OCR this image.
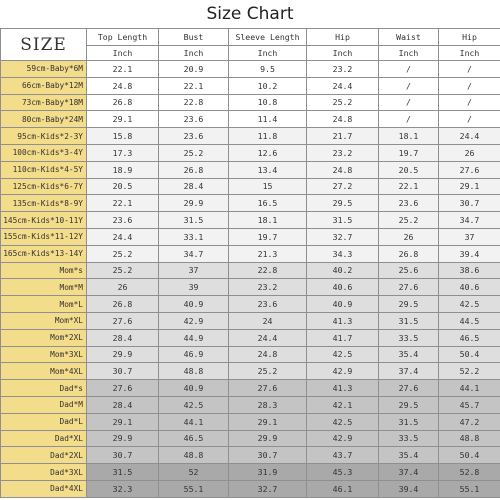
Size Chart
SIZE	Top Length	Bust	Sleeve Length	Hip	Waist	Hip
	Inch	Inch	Inch	Inch	Inch	Inch
59cm-Baby*6M	22.1	20.9	9.5	23.2	/	/
66cm-Baby*12M	24.8	22.1	10.2	24.4	/	/
73cm-Baby*18M	26.8	22.8	10.8	25.2	/	/
80cm-Baby*24M	29.1	23.6	11.4	24.8	/	/
95cm-Kids*2-3Y	15.8	23.6	11.8	21.7	18.1	24.4
100cm-Kids*3-4Y	17.3	25.2	12.6	23.2	19.7	26
110cm-Kids*4-5Y	18.9	26.8	13.4	24.8	20.5	27.6
125cm-Kids*6-7Y	20.5	28.4	15	27.2	22.1	29.1
135cm-Kids*8-9Y	22.1	29.9	16.5	29.5	23.6	30.7
145cm-Kids*10-11Y	23.6	31.5	18.1	31.5	25.2	34.7
155cm-Kids*11-12Y	24.4	33.1	19.7	32.7	26	37
165cm-Kids*13-14Y	25.2	34.7	21.3	34.3	26.8	39.4
Mom*s	25.2	37	22.8	40.2	25.6	38.6
Mom*M	26	39	23.2	40.6	27.6	40.6
Mom*L	26.8	40.9	23.6	40.9	29.5	42.5
Mom*XL	27.6	42.9	24	41.3	31.5	44.5
Mom*2XL	28.4	44.9	24.4	41.7	33.5	46.5
Mom*3XL	29.9	46.9	24.8	42.5	35.4	50.4
Mom*4XL	30.7	48.8	25.2	42.9	37.4	52.2
Dad*s	27.6	40.9	27.6	41.3	27.6	44.1
Dad*M	28.4	42.5	28.3	42.1	29.5	45.7
Dad*L	29.1	44.1	29.1	42.5	31.5	47.2
Dad*XL	29.9	46.5	29.9	42.9	33.5	48.8
Dad*2XL	30.7	48.8	30.7	43.7	35.4	50.4
Dad*3XL	31.5	52	31.9	45.3	37.4	52.8
Dad*4XL	32.3	55.1	32.7	46.1	39.4	55.1
